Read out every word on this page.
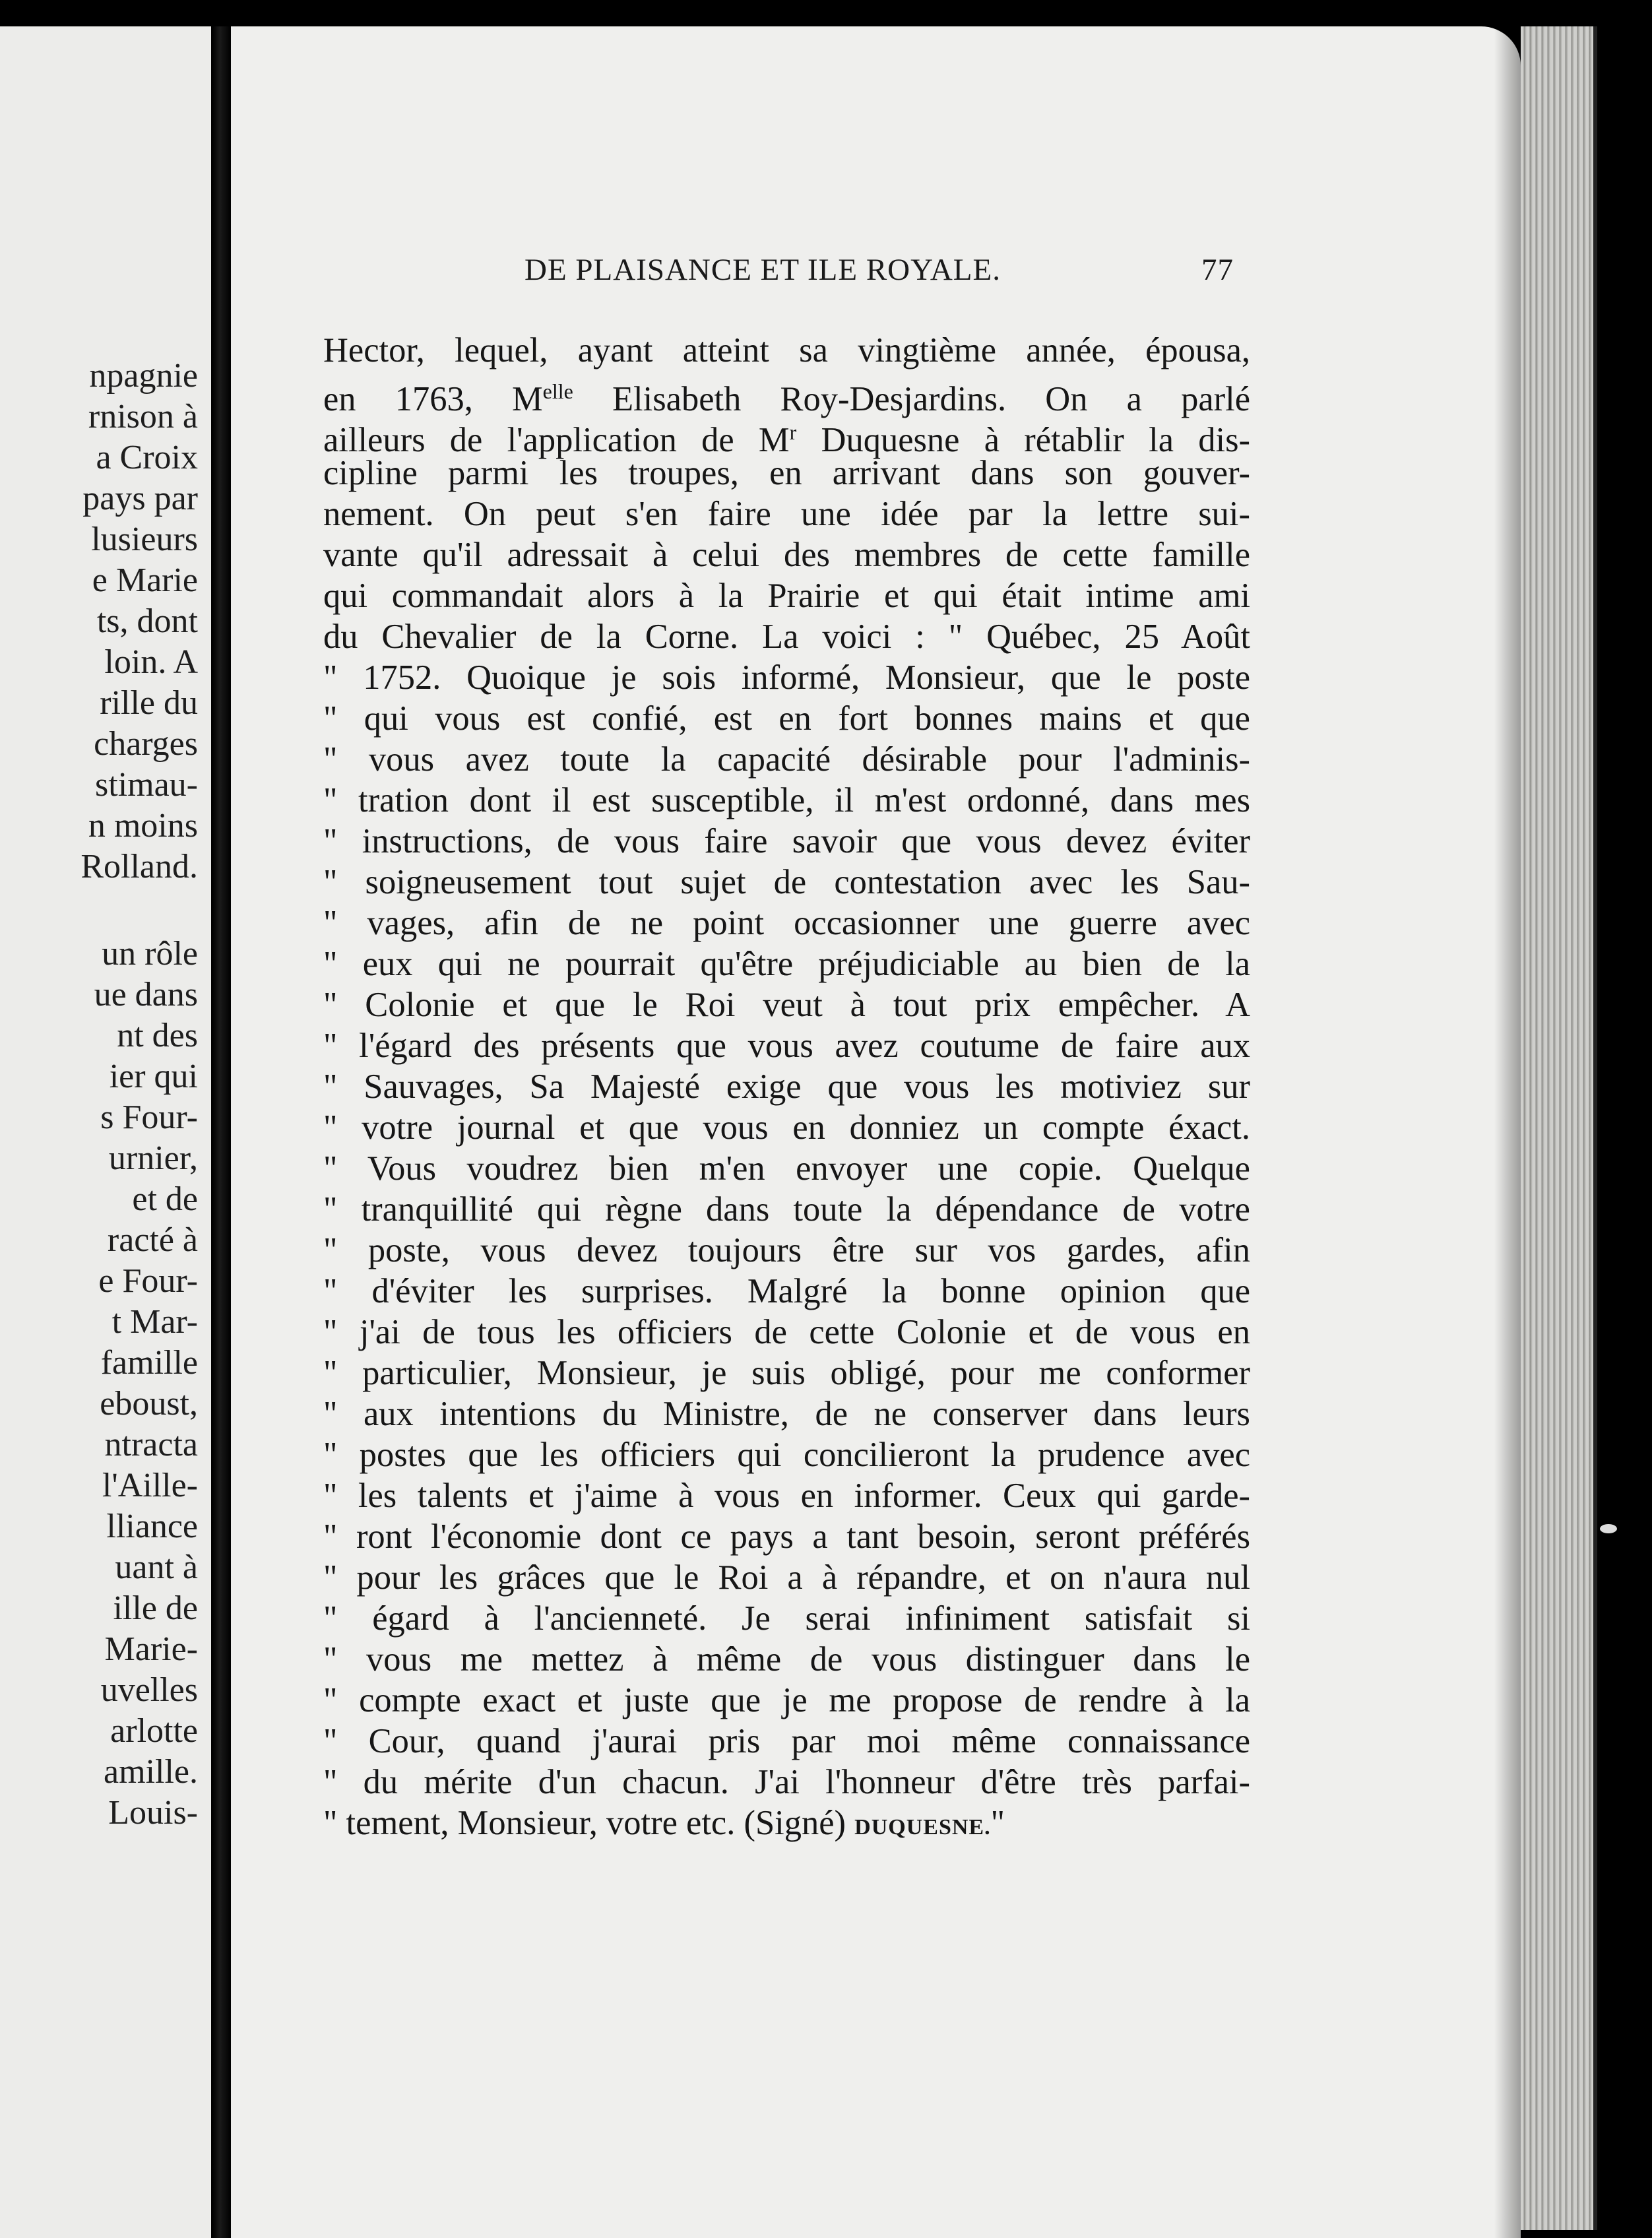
npagnie
rnison à
a Croix
pays par
lusieurs
e Marie
ts, dont
loin. A
rille du
charges
stimau-
n moins
Rolland.
un rôle
ue dans
nt des
ier qui
s Four-
urnier,
et de
racté à
e Four-
t Mar-
famille
eboust,
ntracta
l'Aille-
lliance
uant à
ille de
Marie-
uvelles
arlotte
amille.
Louis-
DE PLAISANCE ET ILE ROYALE.	77
Hector, lequel, ayant atteint sa vingtième année, épousa,
en 1763, $M^{elle}$ Elisabeth Roy-Desjardins. On a parlé
ailleurs de l'application de $M^r$ Duquesne à rétablir la dis-
cipline parmi les troupes, en arrivant dans son gouver-
nement. On peut s'en faire une idée par la lettre sui-
vante qu'il adressait à celui des membres de cette famille
qui commandait alors à la Prairie et qui était intime ami
du Chevalier de la Corne. La voici : " Québec, 25 Août
" 1752. Quoique je sois informé, Monsieur, que le poste
" qui vous est confié, est en fort bonnes mains et que
" vous avez toute la capacité désirable pour l'adminis-
" tration dont il est susceptible, il m'est ordonné, dans mes
" instructions, de vous faire savoir que vous devez éviter
" soigneusement tout sujet de contestation avec les Sau-
" vages, afin de ne point occasionner une guerre avec
" eux qui ne pourrait qu'être préjudiciable au bien de la
" Colonie et que le Roi veut à tout prix empêcher. A
" l'égard des présents que vous avez coutume de faire aux
" Sauvages, Sa Majesté exige que vous les motiviez sur
" votre journal et que vous en donniez un compte éxact.
" Vous voudrez bien m'en envoyer une copie. Quelque
" tranquillité qui règne dans toute la dépendance de votre
" poste, vous devez toujours être sur vos gardes, afin
" d'éviter les surprises. Malgré la bonne opinion que
" j'ai de tous les officiers de cette Colonie et de vous en
" particulier, Monsieur, je suis obligé, pour me conformer
" aux intentions du Ministre, de ne conserver dans leurs
" postes que les officiers qui concilieront la prudence avec
" les talents et j'aime à vous en informer. Ceux qui garde-
" ront l'économie dont ce pays a tant besoin, seront préférés
" pour les grâces que le Roi a à répandre, et on n'aura nul
" égard à l'ancienneté. Je serai infiniment satisfait si
" vous me mettez à même de vous distinguer dans le
" compte exact et juste que je me propose de rendre à la
" Cour, quand j'aurai pris par moi même connaissance
" du mérite d'un chacun. J'ai l'honneur d'être très parfai-
" tement, Monsieur, votre etc. (Signé) DUQUESNE."
